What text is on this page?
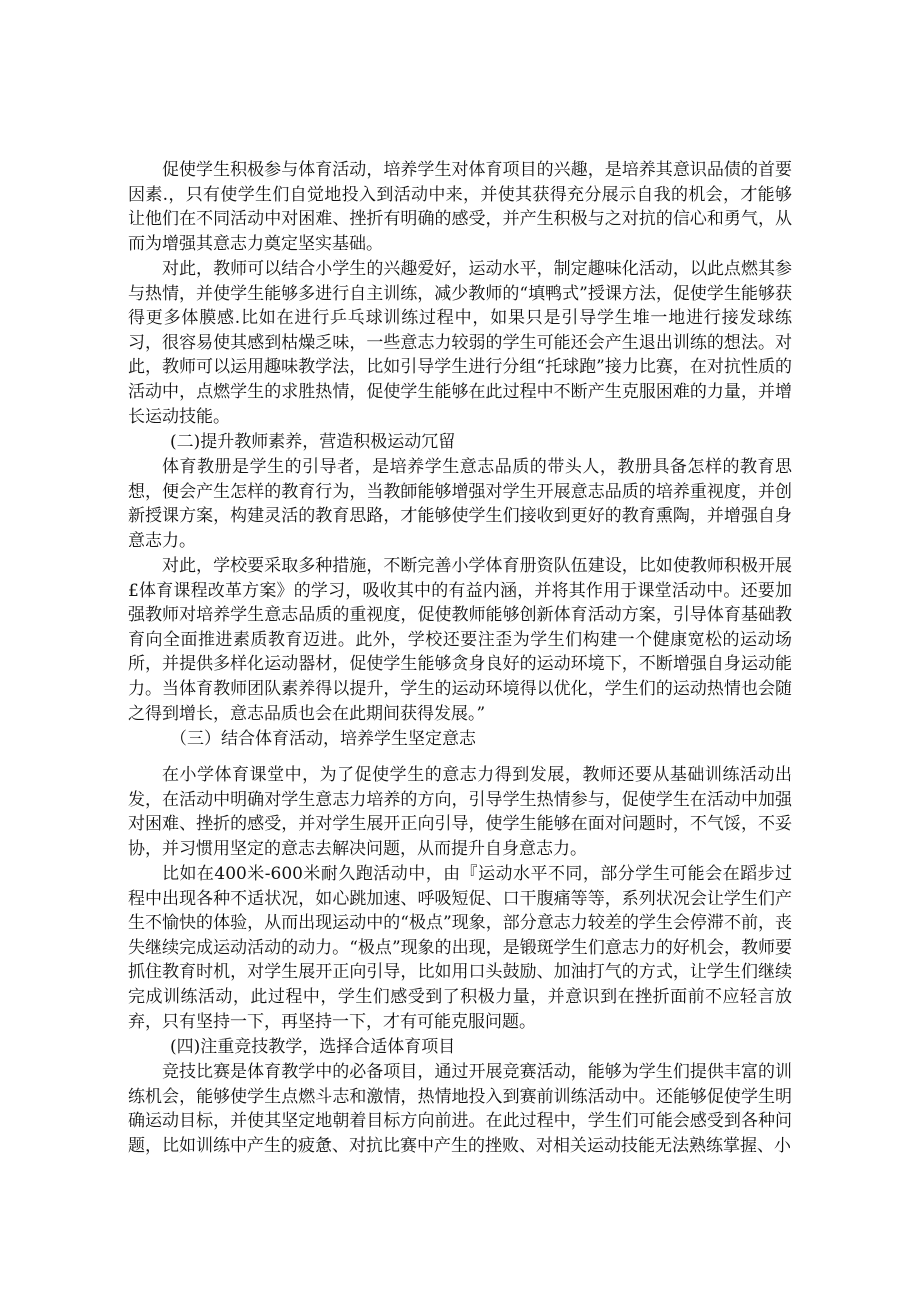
促使学生积极参与体育活动，培养学生对体育项目的兴趣，是培养其意识品债的首要因素.，只有使学生们自觉地投入到活动中来，并使其获得充分展示自我的机会，才能够让他们在不同活动中对困难、挫折有明确的感受，并产生积极与之对抗的信心和勇气，从而为增强其意志力奠定坚实基础。

对此，教师可以结合小学生的兴趣爱好，运动水平，制定趣味化活动，以此点燃其参与热情，并使学生能够多进行自主训练，减少教师的“填鸭式”授课方法，促使学生能够获得更多体膜感.比如在进行乒乓球训练过程中，如果只是引导学生堆一地进行接发球练习，很容易使其感到枯燥乏味，一些意志力较弱的学生可能还会产生退出训练的想法。对此，教师可以运用趣味教学法，比如引导学生进行分组“托球跑”接力比赛，在对抗性质的活动中，点燃学生的求胜热情，促使学生能够在此过程中不断产生克服困难的力量，并增长运动技能。

(二)提升教师素养，营造积极运动冗留

体育教册是学生的引导者，是培养学生意志品质的带头人，教册具备怎样的教育思想，便会产生怎样的教育行为，当教師能够增强对学生开展意志品质的培养重视度，并创新授课方案，构建灵活的教育思路，才能够使学生们接收到更好的教育熏陶，并增强自身意志力。

对此，学校要采取多种措施，不断完善小学体育册资队伍建设，比如使教师积极开展£体育课程改革方案》的学习，吸收其中的有益内涵，并将其作用于课堂活动中。还要加强教师对培养学生意志品质的重视度，促使教师能够创新体育活动方案，引导体育基础教育向全面推进素质教育迈进。此外，学校还要注歪为学生们构建一个健康宽松的运动场所，并提供多样化运动器材，促使学生能够贪身良好的运动环境下，不断增强自身运动能力。当体育教师团队素养得以提升，学生的运动环境得以优化，学生们的运动热情也会随之得到增长，意志品质也会在此期间获得发展。”

（三）结合体育活动，培养学生坚定意志

在小学体育课堂中，为了促使学生的意志力得到发展，教师还要从基础训练活动出发，在活动中明确对学生意志力培养的方向，引导学生热情参与，促使学生在活动中加强对困难、挫折的感受，并对学生展开正向引导，使学生能够在面对问题时，不气馁，不妥协，并习惯用坚定的意志去解决问题，从而提升自身意志力。

比如在400米-600米耐久跑活动中，由『运动水平不同，部分学生可能会在蹈步过程中出现各种不适状况，如心跳加速、呼吸短促、口干腹痛等等，系列状况会让学生们产生不愉快的体验，从而出现运动中的“极点”现象，部分意志力较差的学生会停滞不前，丧失继续完成运动活动的动力。“极点”现象的出现，是锻斑学生们意志力的好机会，教师要抓住教育时机，对学生展开正向引导，比如用口头鼓励、加油打气的方式，让学生们继续完成训练活动，此过程中，学生们感受到了积极力量，并意识到在挫折面前不应轻言放弃，只有坚持一下，再坚持一下，才有可能克服问题。

(四)注重竞技教学，选择合适体育项目

竞技比赛是体育教学中的必备项目，通过开展竞赛活动，能够为学生们提供丰富的训练机会，能够使学生点燃斗志和激情，热情地投入到赛前训练活动中。还能够促使学生明确运动目标，并使其坚定地朝着目标方向前进。在此过程中，学生们可能会感受到各种问题，比如训练中产生的疲惫、对抗比赛中产生的挫败、对相关运动技能无法熟练掌握、小
